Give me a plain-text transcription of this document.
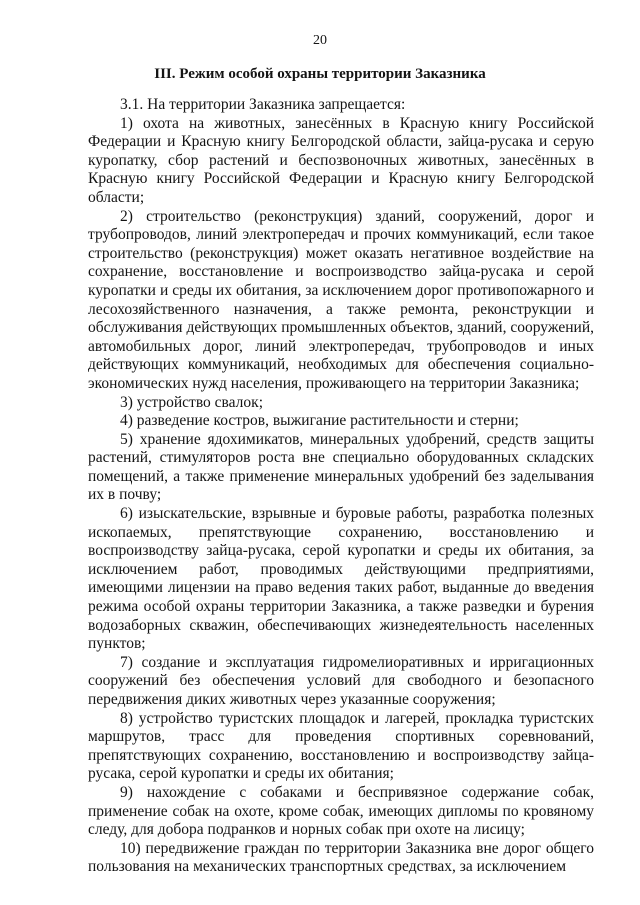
20
III. Режим особой охраны территории Заказника

3.1. На территории Заказника запрещается:

1) охота на животных, занесённых в Красную книгу Российской Федерации и Красную книгу Белгородской области, зайца-русака и серую куропатку, сбор растений и беспозвоночных животных, занесённых в Красную книгу Российской Федерации и Красную книгу Белгородской области;

2) строительство (реконструкция) зданий, сооружений, дорог и трубопроводов, линий электропередач и прочих коммуникаций, если такое строительство (реконструкция) может оказать негативное воздействие на сохранение, восстановление и воспроизводство зайца-русака и серой куропатки и среды их обитания, за исключением дорог противопожарного и лесохозяйственного назначения, а также ремонта, реконструкции и обслуживания действующих промышленных объектов, зданий, сооружений, автомобильных дорог, линий электропередач, трубопроводов и иных действующих коммуникаций, необходимых для обеспечения социально-экономических нужд населения, проживающего на территории Заказника;

3) устройство свалок;

4) разведение костров, выжигание растительности и стерни;

5) хранение ядохимикатов, минеральных удобрений, средств защиты растений, стимуляторов роста вне специально оборудованных складских помещений, а также применение минеральных удобрений без заделывания их в почву;

6) изыскательские, взрывные и буровые работы, разработка полезных ископаемых, препятствующие сохранению, восстановлению и воспроизводству зайца-русака, серой куропатки и среды их обитания, за исключением работ, проводимых действующими предприятиями, имеющими лицензии на право ведения таких работ, выданные до введения режима особой охраны территории Заказника, а также разведки и бурения водозаборных скважин, обеспечивающих жизнедеятельность населенных пунктов;

7) создание и эксплуатация гидромелиоративных и ирригационных сооружений без обеспечения условий для свободного и безопасного передвижения диких животных через указанные сооружения;

8) устройство туристских площадок и лагерей, прокладка туристских маршрутов, трасс для проведения спортивных соревнований, препятствующих сохранению, восстановлению и воспроизводству зайца-русака, серой куропатки и среды их обитания;

9) нахождение с собаками и беспривязное содержание собак, применение собак на охоте, кроме собак, имеющих дипломы по кровяному следу, для добора подранков и норных собак при охоте на лисицу;

10) передвижение граждан по территории Заказника вне дорог общего пользования на механических транспортных средствах, за исключением
